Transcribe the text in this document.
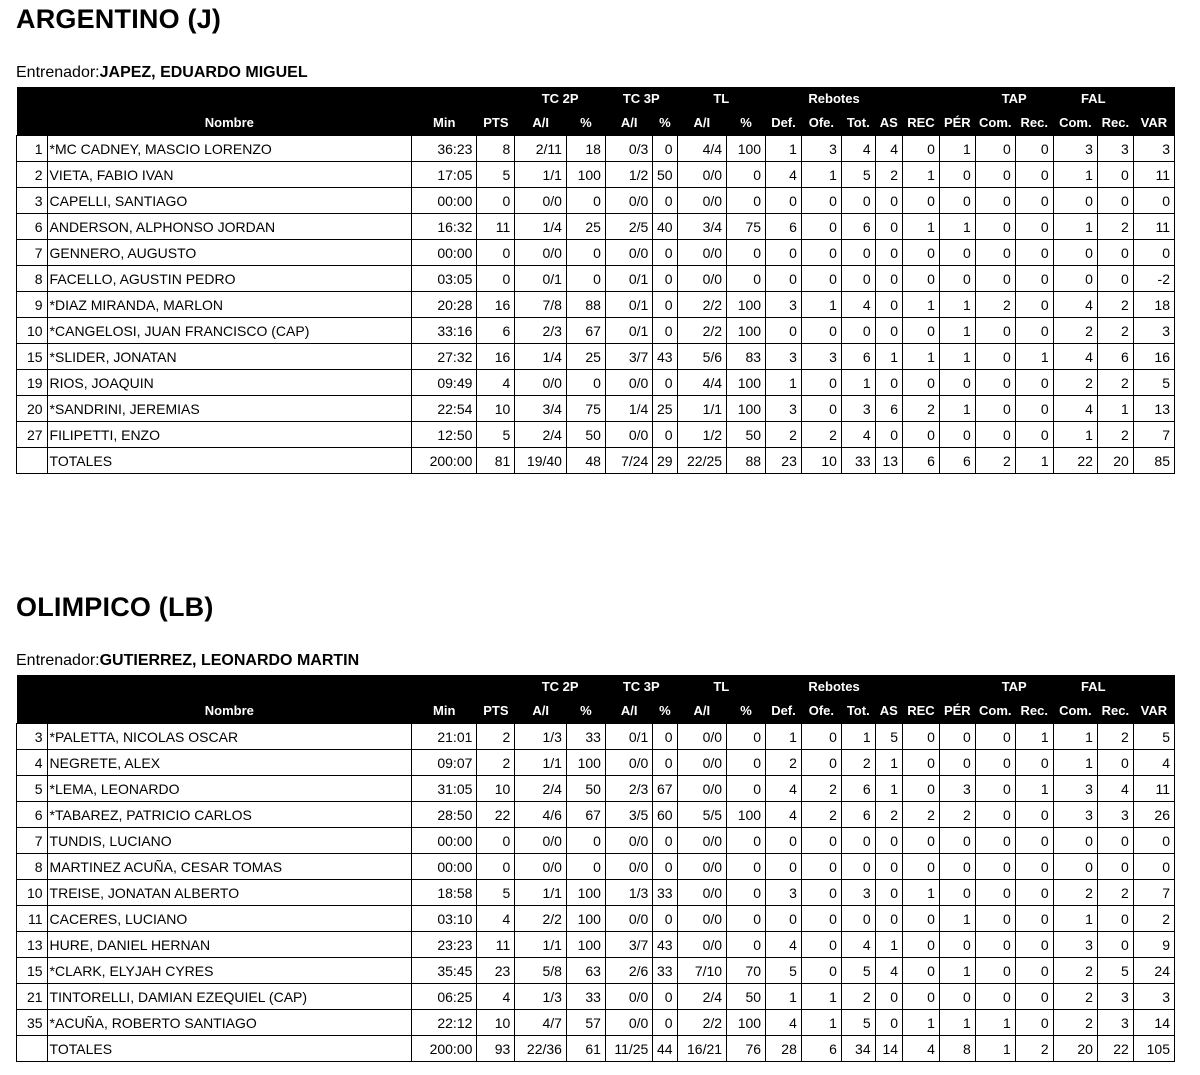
ARGENTINO (J)
Entrenador:JAPEZ, EDUARDO MIGUEL
				TC 2P		TC 3P		TL		Rebotes						TAP		FAL		
	Nombre	Min	PTS	A/I	%	A/I	%	A/I	%	Def.	Ofe.	Tot.	AS	REC	PÉR	Com.	Rec.	Com.	Rec.	VAR
1	*MC CADNEY, MASCIO LORENZO	36:23	8	2/11	18	0/3	0	4/4	100	1	3	4	4	0	1	0	0	3	3	3
2	VIETA, FABIO IVAN	17:05	5	1/1	100	1/2	50	0/0	0	4	1	5	2	1	0	0	0	1	0	11
3	CAPELLI, SANTIAGO	00:00	0	0/0	0	0/0	0	0/0	0	0	0	0	0	0	0	0	0	0	0	0
6	ANDERSON, ALPHONSO JORDAN	16:32	11	1/4	25	2/5	40	3/4	75	6	0	6	0	1	1	0	0	1	2	11
7	GENNERO, AUGUSTO	00:00	0	0/0	0	0/0	0	0/0	0	0	0	0	0	0	0	0	0	0	0	0
8	FACELLO, AGUSTIN PEDRO	03:05	0	0/1	0	0/1	0	0/0	0	0	0	0	0	0	0	0	0	0	0	-2
9	*DIAZ MIRANDA, MARLON	20:28	16	7/8	88	0/1	0	2/2	100	3	1	4	0	1	1	2	0	4	2	18
10	*CANGELOSI, JUAN FRANCISCO (CAP)	33:16	6	2/3	67	0/1	0	2/2	100	0	0	0	0	0	1	0	0	2	2	3
15	*SLIDER, JONATAN	27:32	16	1/4	25	3/7	43	5/6	83	3	3	6	1	1	1	0	1	4	6	16
19	RIOS, JOAQUIN	09:49	4	0/0	0	0/0	0	4/4	100	1	0	1	0	0	0	0	0	2	2	5
20	*SANDRINI, JEREMIAS	22:54	10	3/4	75	1/4	25	1/1	100	3	0	3	6	2	1	0	0	4	1	13
27	FILIPETTI, ENZO	12:50	5	2/4	50	0/0	0	1/2	50	2	2	4	0	0	0	0	0	1	2	7
	TOTALES	200:00	81	19/40	48	7/24	29	22/25	88	23	10	33	13	6	6	2	1	22	20	85
OLIMPICO (LB)
Entrenador:GUTIERREZ, LEONARDO MARTIN
				TC 2P		TC 3P		TL		Rebotes						TAP		FAL		
	Nombre	Min	PTS	A/I	%	A/I	%	A/I	%	Def.	Ofe.	Tot.	AS	REC	PÉR	Com.	Rec.	Com.	Rec.	VAR
3	*PALETTA, NICOLAS OSCAR	21:01	2	1/3	33	0/1	0	0/0	0	1	0	1	5	0	0	0	1	1	2	5
4	NEGRETE, ALEX	09:07	2	1/1	100	0/0	0	0/0	0	2	0	2	1	0	0	0	0	1	0	4
5	*LEMA, LEONARDO	31:05	10	2/4	50	2/3	67	0/0	0	4	2	6	1	0	3	0	1	3	4	11
6	*TABAREZ, PATRICIO CARLOS	28:50	22	4/6	67	3/5	60	5/5	100	4	2	6	2	2	2	0	0	3	3	26
7	TUNDIS, LUCIANO	00:00	0	0/0	0	0/0	0	0/0	0	0	0	0	0	0	0	0	0	0	0	0
8	MARTINEZ ACUÑA, CESAR TOMAS	00:00	0	0/0	0	0/0	0	0/0	0	0	0	0	0	0	0	0	0	0	0	0
10	TREISE, JONATAN ALBERTO	18:58	5	1/1	100	1/3	33	0/0	0	3	0	3	0	1	0	0	0	2	2	7
11	CACERES, LUCIANO	03:10	4	2/2	100	0/0	0	0/0	0	0	0	0	0	0	1	0	0	1	0	2
13	HURE, DANIEL HERNAN	23:23	11	1/1	100	3/7	43	0/0	0	4	0	4	1	0	0	0	0	3	0	9
15	*CLARK, ELYJAH CYRES	35:45	23	5/8	63	2/6	33	7/10	70	5	0	5	4	0	1	0	0	2	5	24
21	TINTORELLI, DAMIAN EZEQUIEL (CAP)	06:25	4	1/3	33	0/0	0	2/4	50	1	1	2	0	0	0	0	0	2	3	3
35	*ACUÑA, ROBERTO SANTIAGO	22:12	10	4/7	57	0/0	0	2/2	100	4	1	5	0	1	1	1	0	2	3	14
	TOTALES	200:00	93	22/36	61	11/25	44	16/21	76	28	6	34	14	4	8	1	2	20	22	105
